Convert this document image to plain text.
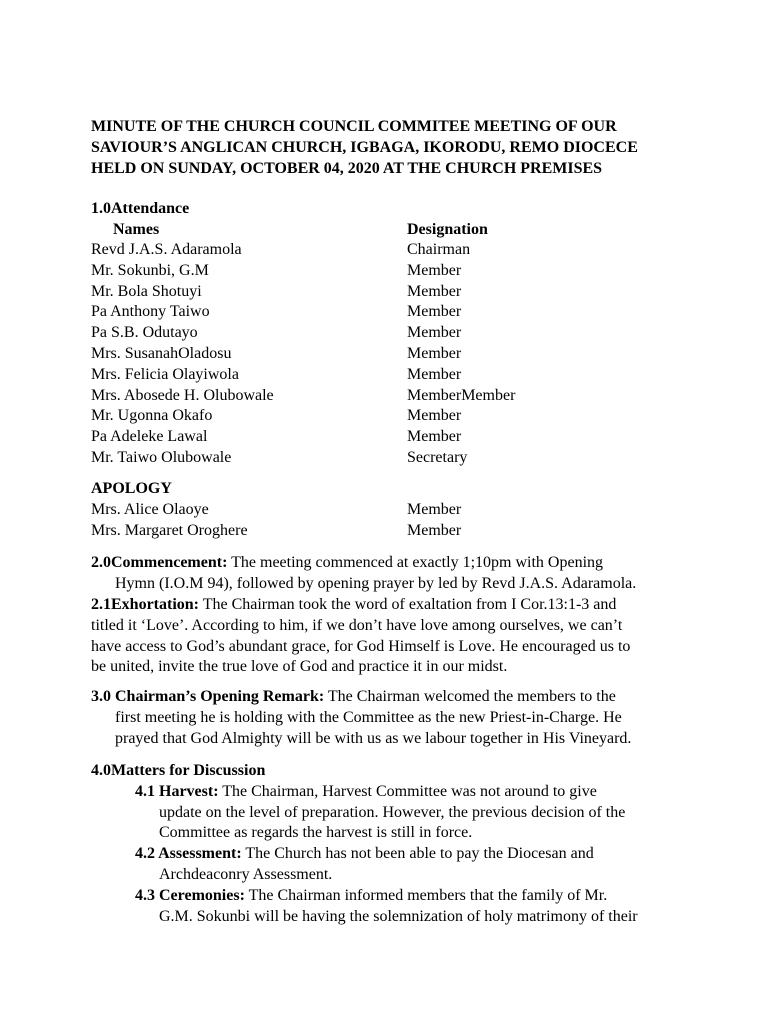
MINUTE OF THE CHURCH COUNCIL COMMITEE MEETING OF OUR
SAVIOUR’S ANGLICAN CHURCH, IGBAGA, IKORODU, REMO DIOCECE
HELD ON SUNDAY, OCTOBER 04, 2020 AT THE CHURCH PREMISES
1.0Attendance
Names	Designation
Revd J.A.S. Adaramola	Chairman
Mr. Sokunbi, G.M	Member
Mr. Bola Shotuyi	Member
Pa Anthony Taiwo	Member
Pa S.B. Odutayo	Member
Mrs. SusanahOladosu	Member
Mrs. Felicia Olayiwola	Member
Mrs. Abosede H. Olubowale	MemberMember
Mr. Ugonna Okafo	Member
Pa Adeleke Lawal	Member
Mr. Taiwo Olubowale	Secretary
APOLOGY
Mrs. Alice Olaoye	Member
Mrs. Margaret Oroghere	Member
2.0Commencement: The meeting commenced at exactly 1;10pm with Opening
Hymn (I.O.M 94), followed by opening prayer by led by Revd J.A.S. Adaramola.
2.1Exhortation: The Chairman took the word of exaltation from I Cor.13:1-3 and
titled it ‘Love’. According to him, if we don’t have love among ourselves, we can’t
have access to God’s abundant grace, for God Himself is Love. He encouraged us to
be united, invite the true love of God and practice it in our midst.
3.0 Chairman’s Opening Remark: The Chairman welcomed the members to the
first meeting he is holding with the Committee as the new Priest-in-Charge. He
prayed that God Almighty will be with us as we labour together in His Vineyard.
4.0Matters for Discussion
4.1 Harvest: The Chairman, Harvest Committee was not around to give
update on the level of preparation. However, the previous decision of the
Committee as regards the harvest is still in force.
4.2 Assessment: The Church has not been able to pay the Diocesan and
Archdeaconry Assessment.
4.3 Ceremonies: The Chairman informed members that the family of Mr.
G.M. Sokunbi will be having the solemnization of holy matrimony of their
